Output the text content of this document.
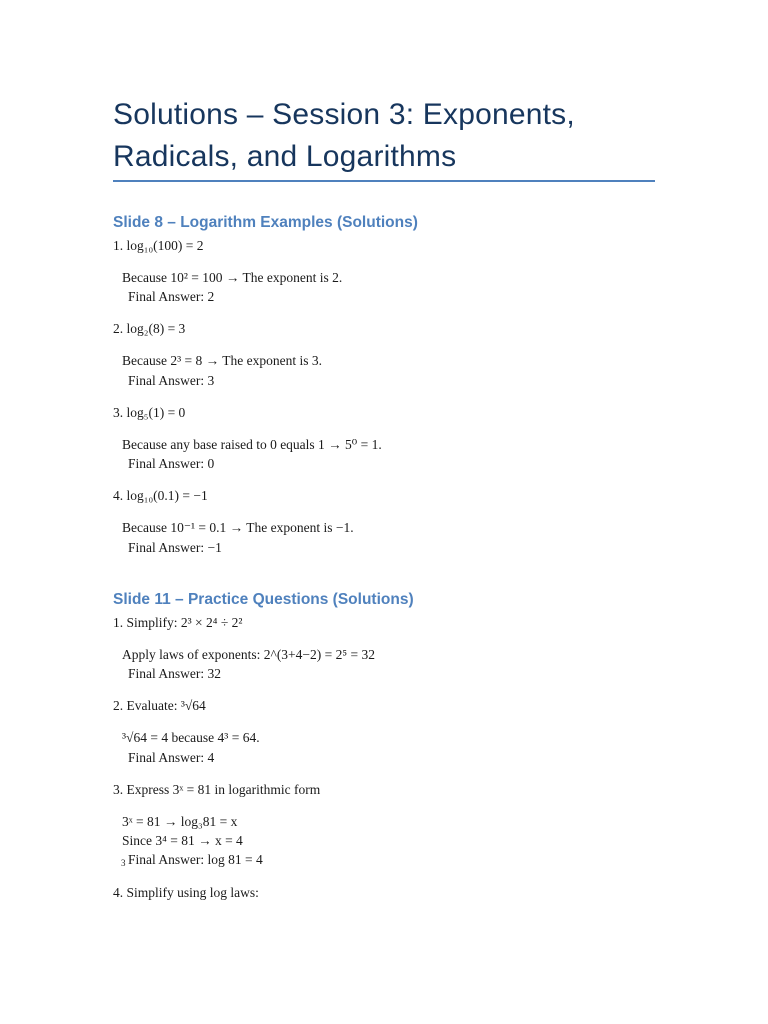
Solutions – Session 3: Exponents, Radicals, and Logarithms
Slide 8 – Logarithm Examples (Solutions)

1. log₁₀(100) = 2

Because 10² = 100 → The exponent is 2.

Final Answer: 2

2. log₂(8) = 3

Because 2³ = 8 → The exponent is 3.

Final Answer: 3

3. log₅(1) = 0

Because any base raised to 0 equals 1 → 5⁰ = 1.

Final Answer: 0

4. log₁₀(0.1) = −1

Because 10⁻¹ = 0.1 → The exponent is −1.

Final Answer: −1

Slide 11 – Practice Questions (Solutions)

1. Simplify: 2³ × 2⁴ ÷ 2²

Apply laws of exponents: 2^(3+4−2) = 2⁵ = 32

Final Answer: 32

2. Evaluate: ³√64

³√64 = 4 because 4³ = 64.

Final Answer: 4

3. Express 3ˣ = 81 in logarithmic form

3ˣ = 81 → log₃81 = x

Since 3⁴ = 81 → x = 4

Final Answer: log 81 = 4

3

4. Simplify using log laws:
